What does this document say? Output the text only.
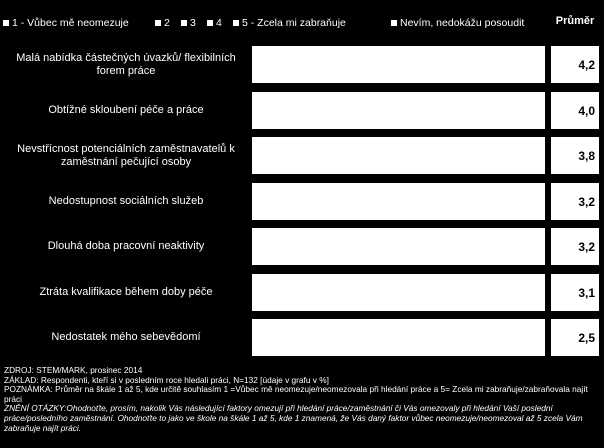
1 - Vůbec mě neomezuje	2 3 4 5 - Zcela mi zabraňuje	Nevím, nedokážu posoudit	Průměr
Malá nabídka částečných úvazků/ flexibilních forem práce	4,2
Obtížné skloubení péče a práce	4,0
Nevstřícnost potenciálních zaměstnavatelů k zaměstnání pečující osoby	3,8
Nedostupnost sociálních služeb	3,2
Dlouhá doba pracovní neaktivity	3,2
Ztráta kvalifikace během doby péče	3,1
Nedostatek mého sebevědomí	2,5

ZDROJ: STEM/MARK, prosinec 2014

ZÁKLAD: Respondenti, kteří si v posledním roce hledali práci, N=132 [údaje v grafu v %]

POZNÁMKA: Průměr na škále 1 až 5, kde určitě souhlasím 1 =Vůbec mě neomezuje/neomezovala při hledání práce a 5= Zcela mi zabraňuje/zabraňovala najít práci

ZNĚNÍ OTÁZKY:Ohodnoťte, prosím, nakolik Vás následující faktory omezují při hledání práce/zaměstnání či Vás omezovaly při hledání Vaší poslední práce/posledního zaměstnání. Ohodnoťte to jako ve škole na škále 1 až 5, kde 1 znamená, že Vás daný faktor vůbec neomezuje/neomezoval až 5 zcela Vám zabraňuje najít práci.
